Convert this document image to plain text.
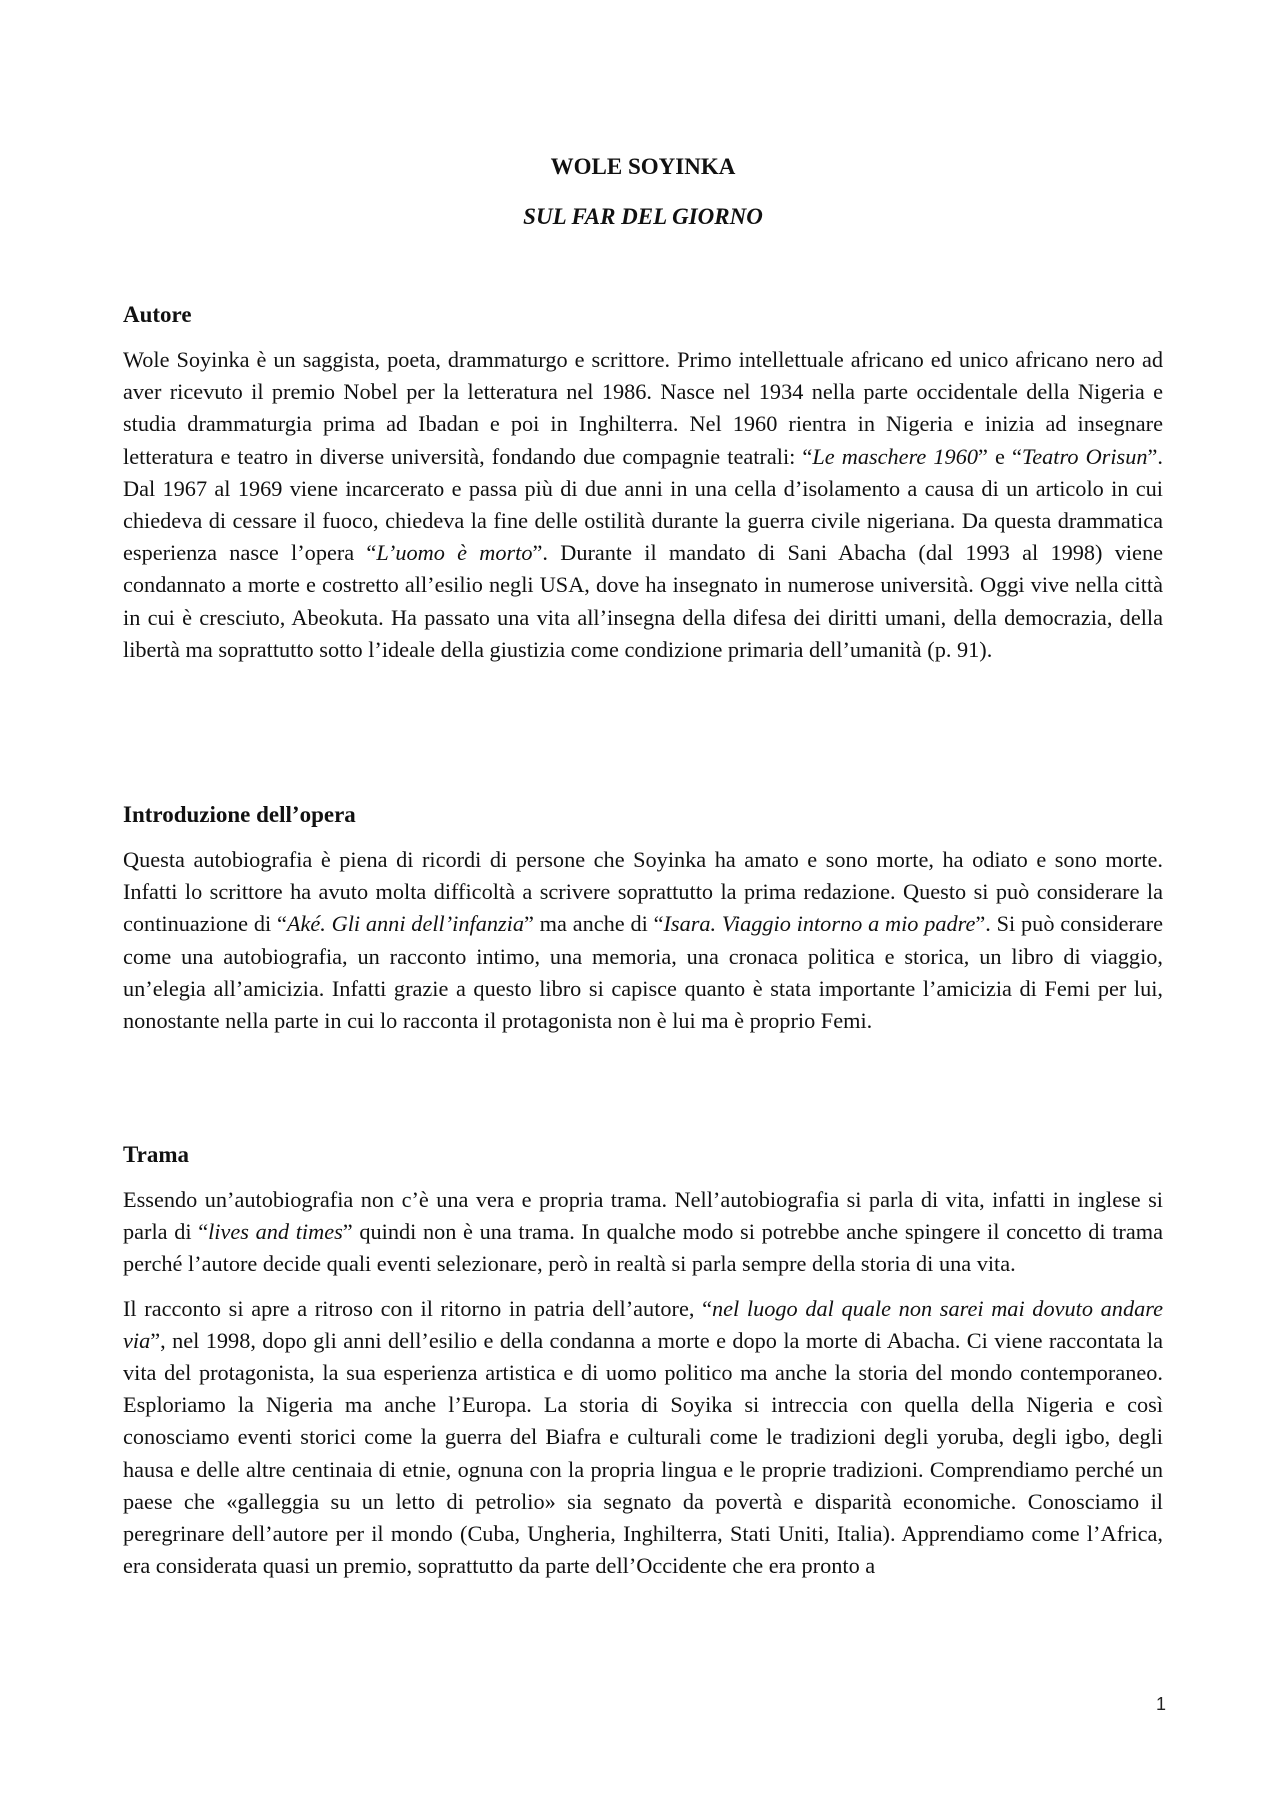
WOLE SOYINKA
SUL FAR DEL GIORNO
Autore

Wole Soyinka è un saggista, poeta, drammaturgo e scrittore. Primo intellettuale africano ed unico africano nero ad aver ricevuto il premio Nobel per la letteratura nel 1986. Nasce nel 1934 nella parte occidentale della Nigeria e studia drammaturgia prima ad Ibadan e poi in Inghilterra. Nel 1960 rientra in Nigeria e inizia ad insegnare letteratura e teatro in diverse università, fondando due compagnie teatrali: “Le maschere 1960” e “Teatro Orisun”. Dal 1967 al 1969 viene incarcerato e passa più di due anni in una cella d’isolamento a causa di un articolo in cui chiedeva di cessare il fuoco, chiedeva la fine delle ostilità durante la guerra civile nigeriana. Da questa drammatica esperienza nasce l’opera “L’uomo è morto”. Durante il mandato di Sani Abacha (dal 1993 al 1998) viene condannato a morte e costretto all’esilio negli USA, dove ha insegnato in numerose università. Oggi vive nella città in cui è cresciuto, Abeokuta. Ha passato una vita all’insegna della difesa dei diritti umani, della democrazia, della libertà ma soprattutto sotto l’ideale della giustizia come condizione primaria dell’umanità (p. 91).

Introduzione dell’opera

Questa autobiografia è piena di ricordi di persone che Soyinka ha amato e sono morte, ha odiato e sono morte. Infatti lo scrittore ha avuto molta difficoltà a scrivere soprattutto la prima redazione. Questo si può considerare la continuazione di “Aké. Gli anni dell’infanzia” ma anche di “Isara. Viaggio intorno a mio padre”. Si può considerare come una autobiografia, un racconto intimo, una memoria, una cronaca politica e storica, un libro di viaggio, un’elegia all’amicizia. Infatti grazie a questo libro si capisce quanto è stata importante l’amicizia di Femi per lui, nonostante nella parte in cui lo racconta il protagonista non è lui ma è proprio Femi.

Trama

Essendo un’autobiografia non c’è una vera e propria trama. Nell’autobiografia si parla di vita, infatti in inglese si parla di “lives and times” quindi non è una trama. In qualche modo si potrebbe anche spingere il concetto di trama perché l’autore decide quali eventi selezionare, però in realtà si parla sempre della storia di una vita.

Il racconto si apre a ritroso con il ritorno in patria dell’autore, “nel luogo dal quale non sarei mai dovuto andare via”, nel 1998, dopo gli anni dell’esilio e della condanna a morte e dopo la morte di Abacha. Ci viene raccontata la vita del protagonista, la sua esperienza artistica e di uomo politico ma anche la storia del mondo contemporaneo. Esploriamo la Nigeria ma anche l’Europa. La storia di Soyika si intreccia con quella della Nigeria e così conosciamo eventi storici come la guerra del Biafra e culturali come le tradizioni degli yoruba, degli igbo, degli hausa e delle altre centinaia di etnie, ognuna con la propria lingua e le proprie tradizioni. Comprendiamo perché un paese che «galleggia su un letto di petrolio» sia segnato da povertà e disparità economiche. Conosciamo il peregrinare dell’autore per il mondo (Cuba, Ungheria, Inghilterra, Stati Uniti, Italia). Apprendiamo come l’Africa, era considerata quasi un premio, soprattutto da parte dell’Occidente che era pronto a

1
